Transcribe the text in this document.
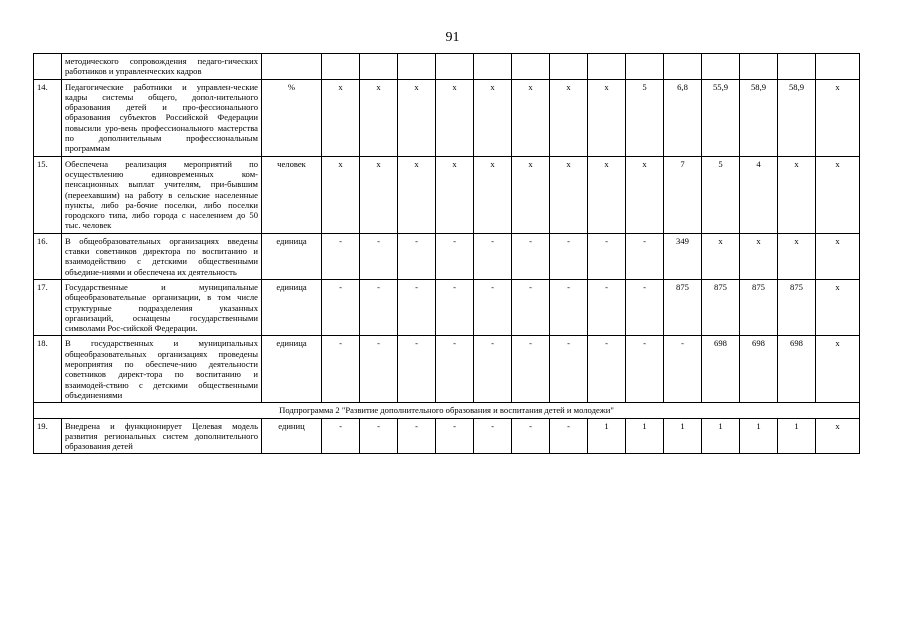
91
	методического сопровождения педаго-гических работников и управленческих кадров															
14.	Педагогические работники и управлен-ческие кадры системы общего, допол-нительного образования детей и про-фессионального образования субъектов Российской Федерации повысили уро-вень профессионального мастерства по дополнительным профессиональным программам	%	x	x	x	x	x	x	x	x	5	6,8	55,9	58,9	58,9	x
15.	Обеспечена реализация мероприятий по осуществлению единовременных ком-пенсационных выплат учителям, при-бывшим (переехавшим) на работу в сельские населенные пункты, либо ра-бочие поселки, либо поселки городского типа, либо города с населением до 50 тыс. человек	человек	x	x	x	x	x	x	x	x	x	7	5	4	x	x
16.	В общеобразовательных организациях введены ставки советников директора по воспитанию и взаимодействию с детскими общественными объедине-ниями и обеспечена их деятельность	единица	-	-	-	-	-	-	-	-	-	349	x	x	x	x
17.	Государственные и муниципальные общеобразовательные организации, в том числе структурные подразделения указанных организаций, оснащены государственными символами Рос-сийской Федерации.	единица	-	-	-	-	-	-	-	-	-	875	875	875	875	x
18.	В государственных и муниципальных общеобразовательных организациях проведены мероприятия по обеспече-нию деятельности советников директ-тора по воспитанию и взаимодей-ствию с детскими общественными объединениями	единица	-	-	-	-	-	-	-	-	-	-	698	698	698	x
Подпрограмма 2 "Развитие дополнительного образования и воспитания детей и молодежи"																
19.	Внедрена и функционирует Целевая модель развития региональных систем дополнительного образования детей	единиц	-	-	-	-	-	-	-	1	1	1	1	1	1	x
